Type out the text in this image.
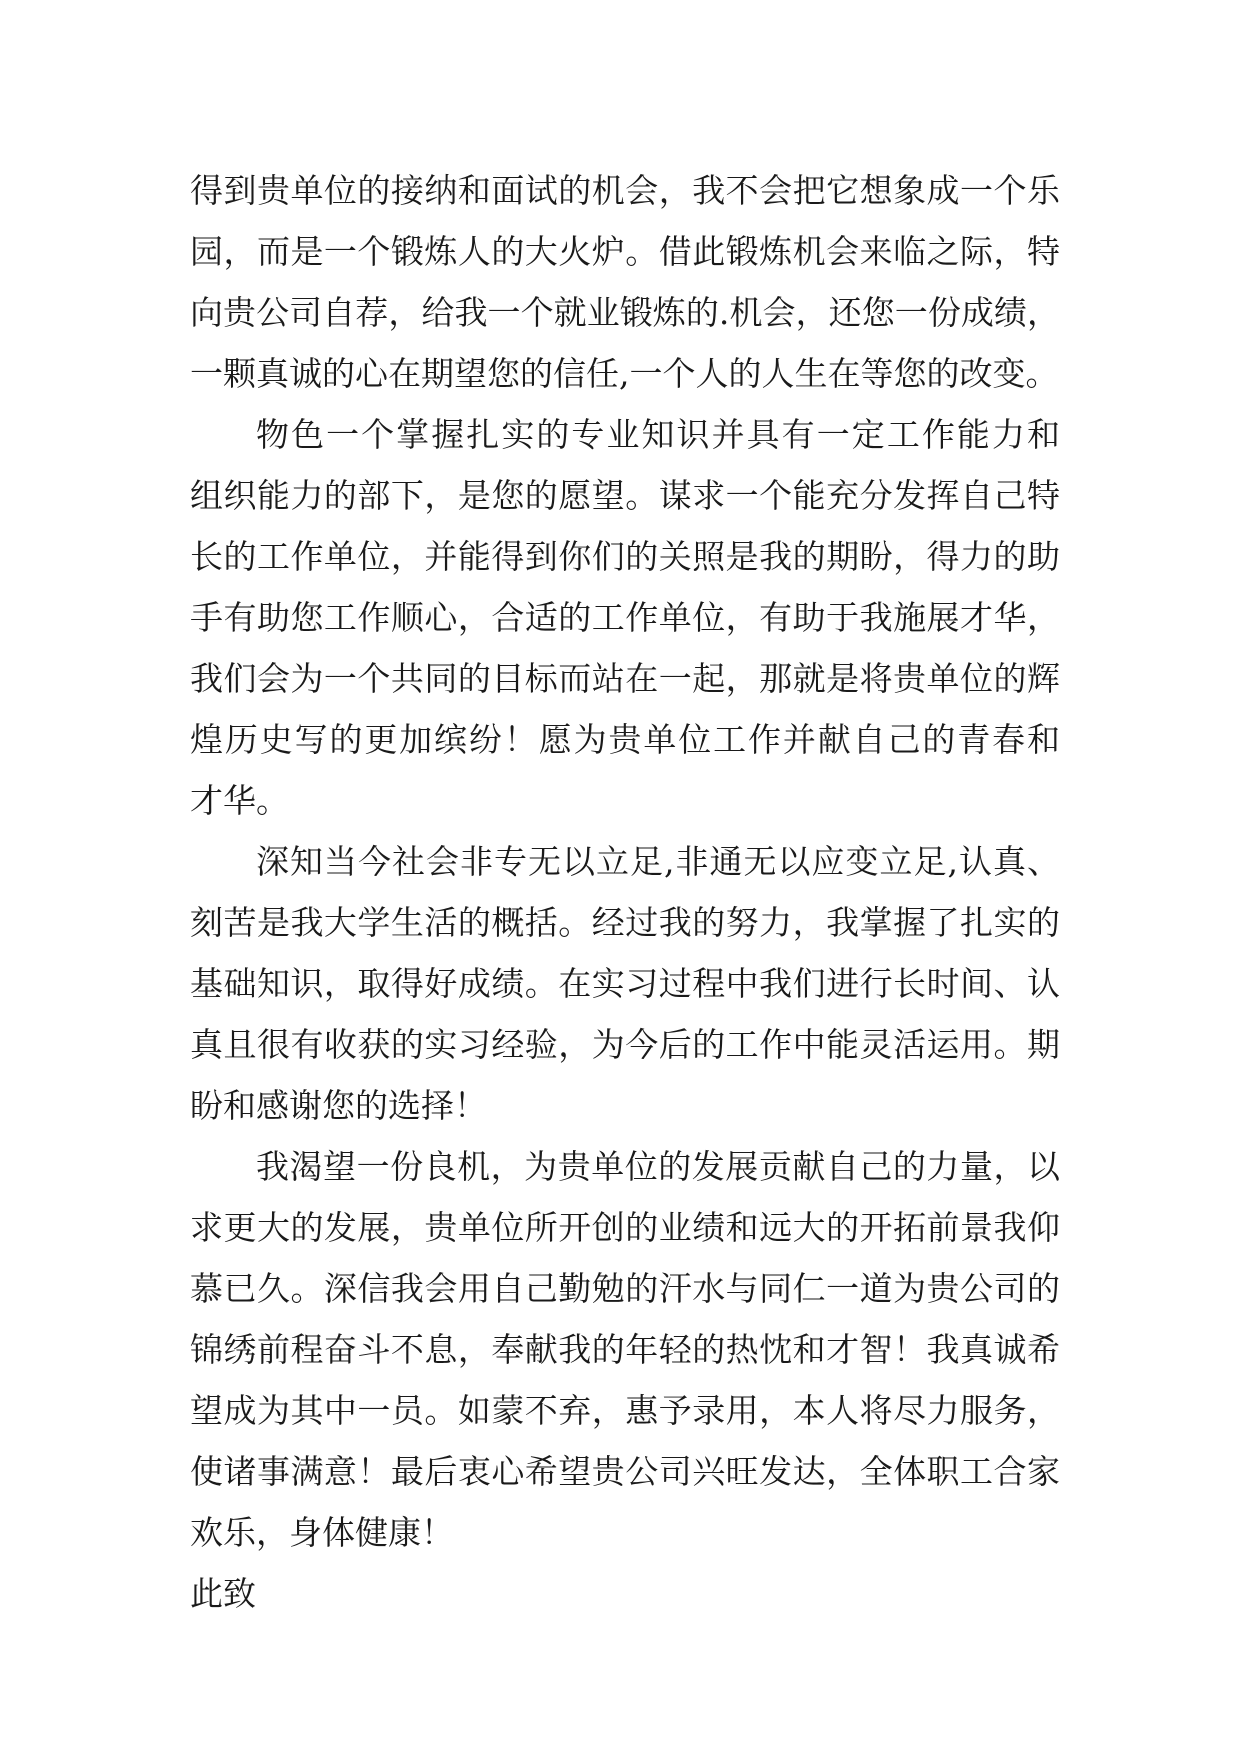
得到贵单位的接纳和面试的机会，我不会把它想象成一个乐
园，而是一个锻炼人的大火炉。借此锻炼机会来临之际，特
向贵公司自荐，给我一个就业锻炼的.机会，还您一份成绩，
一颗真诚的心在期望您的信任,一个人的人生在等您的改变。
物色一个掌握扎实的专业知识并具有一定工作能力和
组织能力的部下，是您的愿望。谋求一个能充分发挥自己特
长的工作单位，并能得到你们的关照是我的期盼，得力的助
手有助您工作顺心，合适的工作单位，有助于我施展才华，
我们会为一个共同的目标而站在一起，那就是将贵单位的辉
煌历史写的更加缤纷！愿为贵单位工作并献自己的青春和
才华。
深知当今社会非专无以立足,非通无以应变立足,认真、
刻苦是我大学生活的概括。经过我的努力，我掌握了扎实的
基础知识，取得好成绩。在实习过程中我们进行长时间、认
真且很有收获的实习经验，为今后的工作中能灵活运用。期
盼和感谢您的选择！
我渴望一份良机，为贵单位的发展贡献自己的力量，以
求更大的发展，贵单位所开创的业绩和远大的开拓前景我仰
慕已久。深信我会用自己勤勉的汗水与同仁一道为贵公司的
锦绣前程奋斗不息，奉献我的年轻的热忱和才智！我真诚希
望成为其中一员。如蒙不弃，惠予录用，本人将尽力服务，
使诸事满意！最后衷心希望贵公司兴旺发达，全体职工合家
欢乐，身体健康！
此致
